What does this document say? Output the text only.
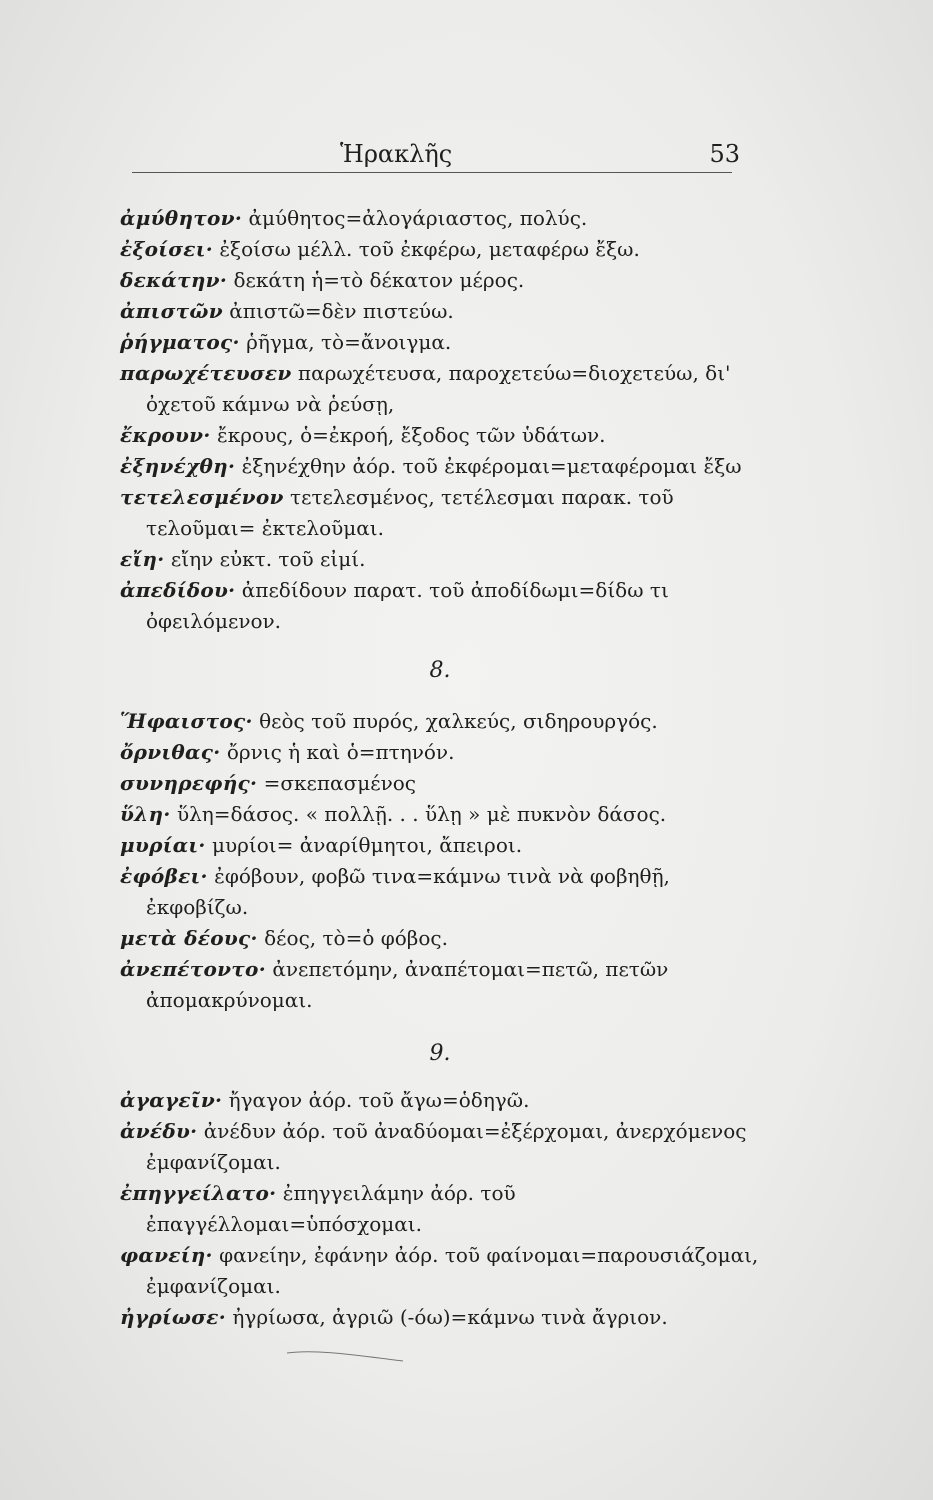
Ἡρακλῆς	53
ἀμύθητον· ἀμύθητος=ἀλογάριαστος, πολύς.
ἐξοίσει· ἐξοίσω μέλλ. τοῦ ἐκφέρω, μεταφέρω ἔξω.
δεκάτην· δεκάτη ἡ=τὸ δέκατον μέρος.
ἀπιστῶν ἀπιστῶ=δὲν πιστεύω.
ῥήγματος· ῥῆγμα, τὸ=ἄνοιγμα.
παρωχέτευσεν παρωχέτευσα, παροχετεύω=διοχετεύω, δι' ὀχετοῦ κάμνω νὰ ῥεύσῃ,
ἔκρουν· ἔκρους, ὁ=ἐκροή, ἔξοδος τῶν ὑδάτων.
ἐξηνέχθη· ἐξηνέχθην ἀόρ. τοῦ ἐκφέρομαι=μεταφέρομαι ἔξω
τετελεσμένον τετελεσμένος, τετέλεσμαι παρακ. τοῦ τελοῦμαι= ἐκτελοῦμαι.
εἴη· εἴην εὐκτ. τοῦ εἰμί.
ἀπεδίδου· ἀπεδίδουν παρατ. τοῦ ἀποδίδωμι=δίδω τι ὀφειλόμενον.
8.
Ἥφαιστος· θεὸς τοῦ πυρός, χαλκεύς, σιδηρουργός.
ὄρνιθας· ὄρνις ἡ καὶ ὁ=πτηνόν.
συνηρεφής· =σκεπασμένος
ὕλη· ὕλη=δάσος. « πολλῇ. . . ὕλῃ » μὲ πυκνὸν δάσος.
μυρίαι· μυρίοι= ἀναρίθμητοι, ἄπειροι.
ἐφόβει· ἐφόβουν, φοβῶ τινα=κάμνω τινὰ νὰ φοβηθῇ, ἐκφοβίζω.
μετὰ δέους· δέος, τὸ=ὁ φόβος.
ἀνεπέτοντο· ἀνεπετόμην, ἀναπέτομαι=πετῶ, πετῶν ἀπομακρύνομαι.
9.
ἀγαγεῖν· ἤγαγον ἀόρ. τοῦ ἄγω=ὁδηγῶ.
ἀνέδυ· ἀνέδυν ἀόρ. τοῦ ἀναδύομαι=ἐξέρχομαι, ἀνερχόμενος ἐμφανίζομαι.
ἐπηγγείλατο· ἐπηγγειλάμην ἀόρ. τοῦ ἐπαγγέλλομαι=ὑπόσχομαι.
φανείη· φανείην, ἐφάνην ἀόρ. τοῦ φαίνομαι=παρουσιάζομαι, ἐμφανίζομαι.
ἠγρίωσε· ἠγρίωσα, ἀγριῶ (-όω)=κάμνω τινὰ ἄγριον.
